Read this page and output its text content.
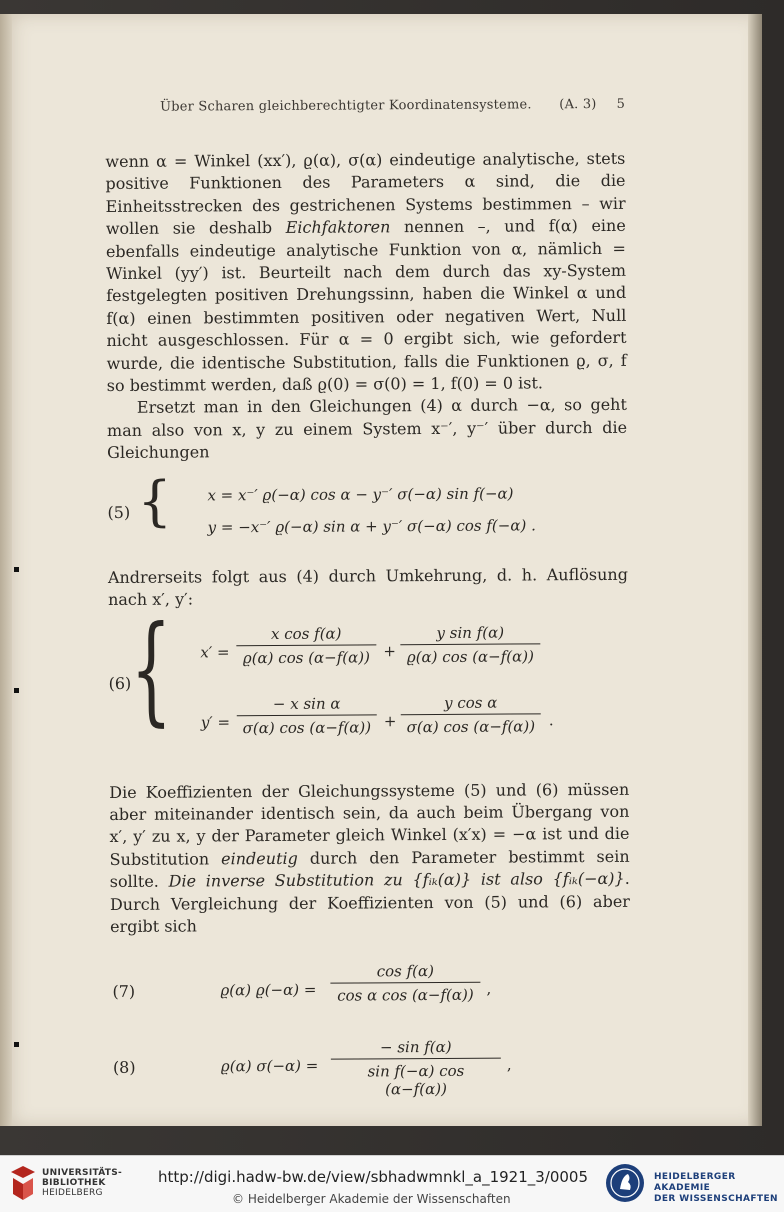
Über Scharen gleichberechtigter Koordinatensysteme. (A. 3) 5

wenn α = Winkel (xx′), ϱ(α), σ(α) eindeutige analytische, stets positive Funktionen des Parameters α sind, die die Einheitsstrecken des gestrichenen Systems bestimmen – wir wollen sie deshalb Eichfaktoren nennen –, und f(α) eine ebenfalls eindeutige analytische Funktion von α, nämlich = Winkel (yy′) ist. Beurteilt nach dem durch das xy-System festgelegten positiven Drehungssinn, haben die Winkel α und f(α) einen bestimmten positiven oder negativen Wert, Null nicht ausgeschlossen. Für α = 0 ergibt sich, wie gefordert wurde, die identische Substitution, falls die Funktionen ϱ, σ, f so bestimmt werden, daß ϱ(0) = σ(0) = 1, f(0) = 0 ist.

Ersetzt man in den Gleichungen (4) α durch −α, so geht man also von x, y zu einem System x⁻′, y⁻′ über durch die Gleichungen

(5) { x = x⁻′ ϱ(−α) cos α − y⁻′ σ(−α) sin f(−α)
y = −x⁻′ ϱ(−α) sin α + y⁻′ σ(−α) cos f(−α) .

Andrerseits folgt aus (4) durch Umkehrung, d. h. Auflösung nach x′, y′:

(6)
{ $x' = \frac{\text{x cos f(α)}}{ϱ(\alpha) \cos (\alpha-f(\alpha))} + \frac{\text{y sin f(α)}}{ϱ(\alpha) \cos (\alpha-f(\alpha))}$
$y' = \frac{\text{− x sin α}}{\sigma(\alpha) \cos (\alpha-f(\alpha))} + \frac{\text{y cos α}}{\sigma(\alpha) \cos (\alpha-f(\alpha))}$ .

Die Koeffizienten der Gleichungssysteme (5) und (6) müssen aber miteinander identisch sein, da auch beim Übergang von x′, y′ zu x, y der Parameter gleich Winkel (x′x) = −α ist und die Substitution eindeutig durch den Parameter bestimmt sein sollte. Die inverse Substitution zu {fᵢₖ(α)} ist also {fᵢₖ(−α)}. Durch Vergleichung der Koeffizienten von (5) und (6) aber ergibt sich

(7)	ϱ(α) $ϱ(-\alpha) = \frac{\text{cos f(α)}}{\text{cos α cos (α−f(α))}}$ ,
(8)	ϱ(α) $\sigma(-\alpha) = \frac{\text{− sin f(α)}}{\text{sin f(−α) cos (α−f(α))}}$ ,
UNIVERSITÄTS-
BIBLIOTHEK
HEIDELBERG
http://digi.hadw-bw.de/view/sbhadwmnkl_a_1921_3/0005
© Heidelberger Akademie der Wissenschaften
HEIDELBERGER AKADEMIE
DER WISSENSCHAFTEN
